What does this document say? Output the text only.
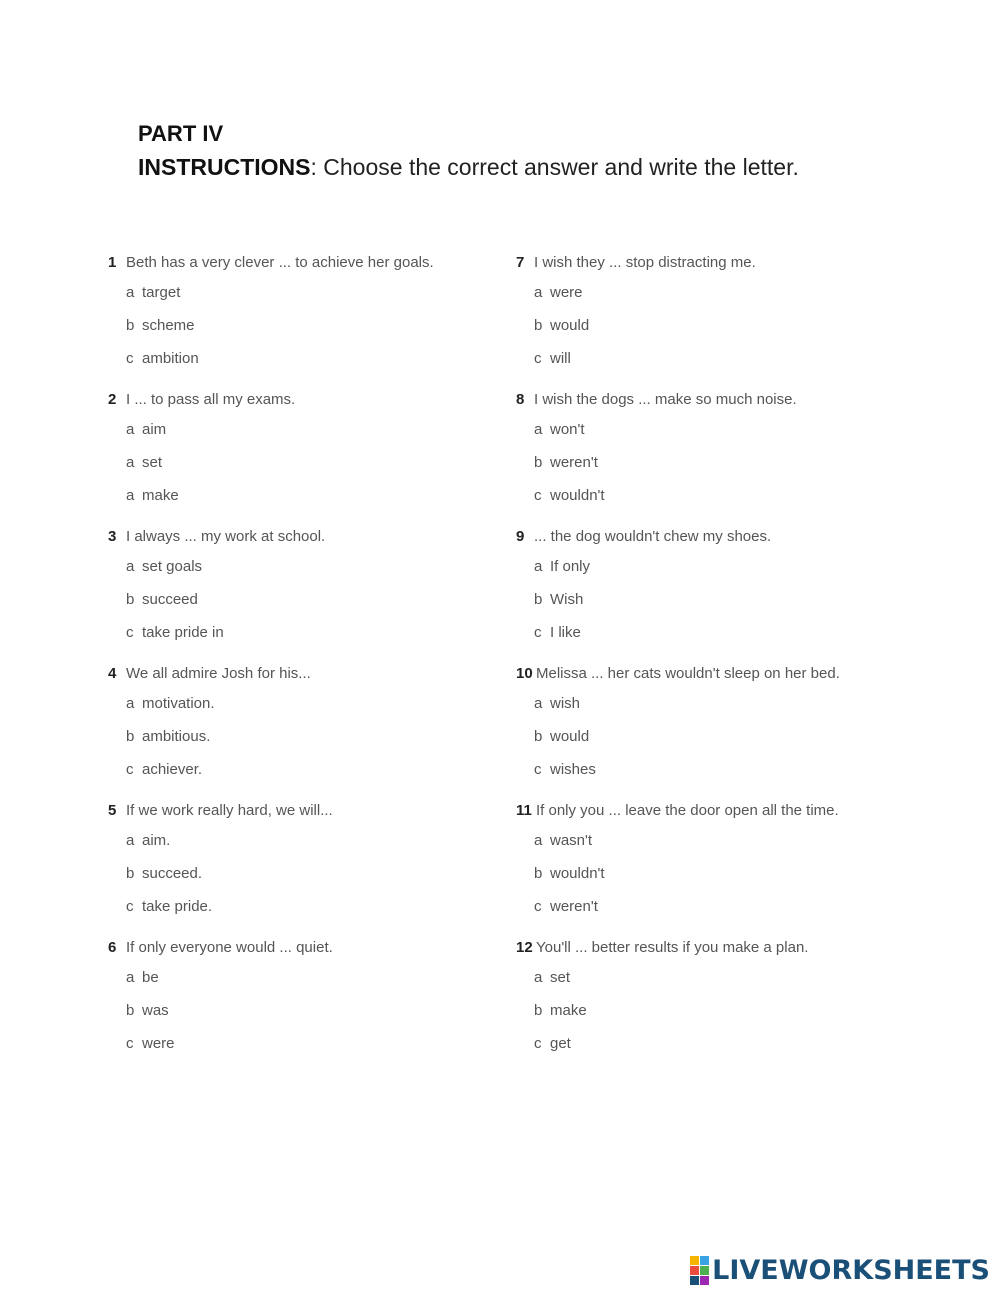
PART IV

INSTRUCTIONS: Choose the correct answer and write the letter.

1 Beth has a very clever ... to achieve her goals.
a target
b scheme
c ambition
2 I ... to pass all my exams.
a aim
a set
a make
3 I always ... my work at school.
a set goals
b succeed
c take pride in
4 We all admire Josh for his...
a motivation.
b ambitious.
c achiever.
5 If we work really hard, we will...
a aim.
b succeed.
c take pride.
6 If only everyone would ... quiet.
a be
b was
c were
7 I wish they ... stop distracting me.
a were
b would
c will
8 I wish the dogs ... make so much noise.
a won't
b weren't
c wouldn't
9 ... the dog wouldn't chew my shoes.
a If only
b Wish
c I like
10 Melissa ... her cats wouldn't sleep on her bed.
a wish
b would
c wishes
11 If only you ... leave the door open all the time.
a wasn't
b wouldn't
c weren't
12 You'll ... better results if you make a plan.
a set
b make
c get
LIVEWORKSHEETS
